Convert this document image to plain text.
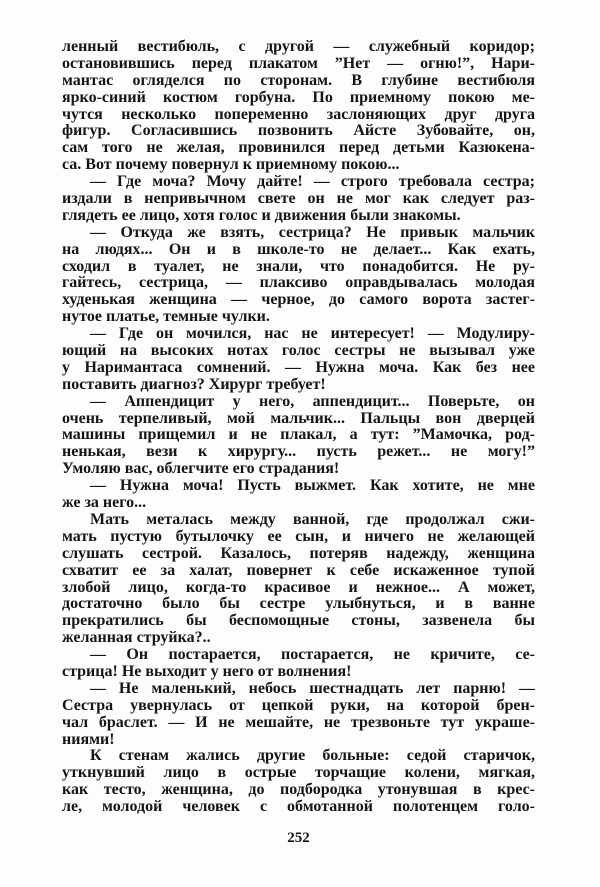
ленный вестибюль, с другой — служебный коридор;
остановившись перед плакатом ”Нет — огню!”, Нари-
мантас огляделся по сторонам. В глубине вестибюля
ярко-синий костюм горбуна. По приемному покою ме-
чутся несколько попеременно заслоняющих друг друга
фигур. Согласившись позвонить Айсте Зубовайте, он,
сам того не желая, провинился перед детьми Казюкена-
са. Вот почему повернул к приемному покою...
— Где моча? Мочу дайте! — строго требовала сестра;
издали в непривычном свете он не мог как следует раз-
глядеть ее лицо, хотя голос и движения были знакомы.
— Откуда же взять, сестрица? Не привык мальчик
на людях... Он и в школе-то не делает... Как ехать,
сходил в туалет, не знали, что понадобится. Не ру-
гайтесь, сестрица, — плаксиво оправдывалась молодая
худенькая женщина — черное, до самого ворота застег-
нутое платье, темные чулки.
— Где он мочился, нас не интересует! — Модулиру-
ющий на высоких нотах голос сестры не вызывал уже
у Наримантаса сомнений. — Нужна моча. Как без нее
поставить диагноз? Хирург требует!
— Аппендицит у него, аппендицит... Поверьте, он
очень терпеливый, мой мальчик... Пальцы вон дверцей
машины прищемил и не плакал, а тут: ”Мамочка, род-
ненькая, вези к хирургу... пусть режет... не могу!”
Умоляю вас, облегчите его страдания!
— Нужна моча! Пусть выжмет. Как хотите, не мне
же за него...
Мать металась между ванной, где продолжал сжи-
мать пустую бутылочку ее сын, и ничего не желающей
слушать сестрой. Казалось, потеряв надежду, женщина
схватит ее за халат, повернет к себе искаженное тупой
злобой лицо, когда-то красивое и нежное... А может,
достаточно было бы сестре улыбнуться, и в ванне
прекратились бы беспомощные стоны, зазвенела бы
желанная струйка?..
— Он постарается, постарается, не кричите, се-
стрица! Не выходит у него от волнения!
— Не маленький, небось шестнадцать лет парню! —
Сестра увернулась от цепкой руки, на которой брен-
чал браслет. — И не мешайте, не трезвоньте тут украше-
ниями!
К стенам жались другие больные: седой старичок,
уткнувший лицо в острые торчащие колени, мягкая,
как тесто, женщина, до подбородка утонувшая в крес-
ле, молодой человек с обмотанной полотенцем голо-
252
